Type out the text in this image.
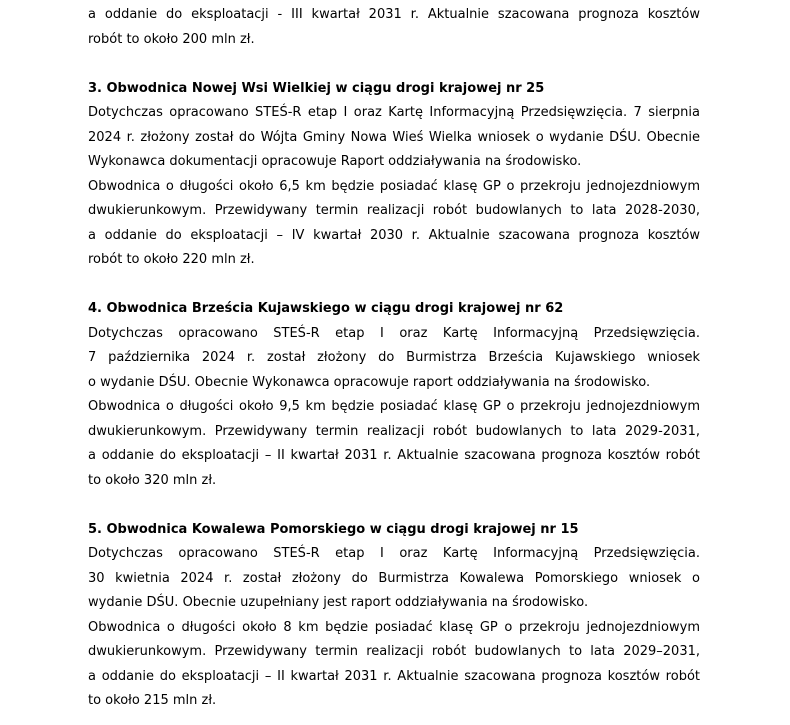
a oddanie do eksploatacji - III kwartał 2031 r. Aktualnie szacowana prognoza kosztów

robót to około 200 mln zł.

3. Obwodnica Nowej Wsi Wielkiej w ciągu drogi krajowej nr 25

Dotychczas opracowano STEŚ-R etap I oraz Kartę Informacyjną Przedsięwzięcia. 7 sierpnia

2024 r. złożony został do Wójta Gminy Nowa Wieś Wielka wniosek o wydanie DŚU. Obecnie

Wykonawca dokumentacji opracowuje Raport oddziaływania na środowisko.

Obwodnica o długości około 6,5 km będzie posiadać klasę GP o przekroju jednojezdniowym

dwukierunkowym. Przewidywany termin realizacji robót budowlanych to lata 2028-2030,

a oddanie do eksploatacji – IV kwartał 2030 r. Aktualnie szacowana prognoza kosztów

robót to około 220 mln zł.

4. Obwodnica Brześcia Kujawskiego w ciągu drogi krajowej nr 62

Dotychczas opracowano STEŚ-R etap I oraz Kartę Informacyjną Przedsięwzięcia.

7 października 2024 r. został złożony do Burmistrza Brześcia Kujawskiego wniosek

o wydanie DŚU. Obecnie Wykonawca opracowuje raport oddziaływania na środowisko.

Obwodnica o długości około 9,5 km będzie posiadać klasę GP o przekroju jednojezdniowym

dwukierunkowym. Przewidywany termin realizacji robót budowlanych to lata 2029-2031,

a oddanie do eksploatacji – II kwartał 2031 r. Aktualnie szacowana prognoza kosztów robót

to około 320 mln zł.

5. Obwodnica Kowalewa Pomorskiego w ciągu drogi krajowej nr 15

Dotychczas opracowano STEŚ-R etap I oraz Kartę Informacyjną Przedsięwzięcia.

30 kwietnia 2024 r. został złożony do Burmistrza Kowalewa Pomorskiego wniosek o

wydanie DŚU. Obecnie uzupełniany jest raport oddziaływania na środowisko.

Obwodnica o długości około 8 km będzie posiadać klasę GP o przekroju jednojezdniowym

dwukierunkowym. Przewidywany termin realizacji robót budowlanych to lata 2029–2031,

a oddanie do eksploatacji – II kwartał 2031 r. Aktualnie szacowana prognoza kosztów robót

to około 215 mln zł.
